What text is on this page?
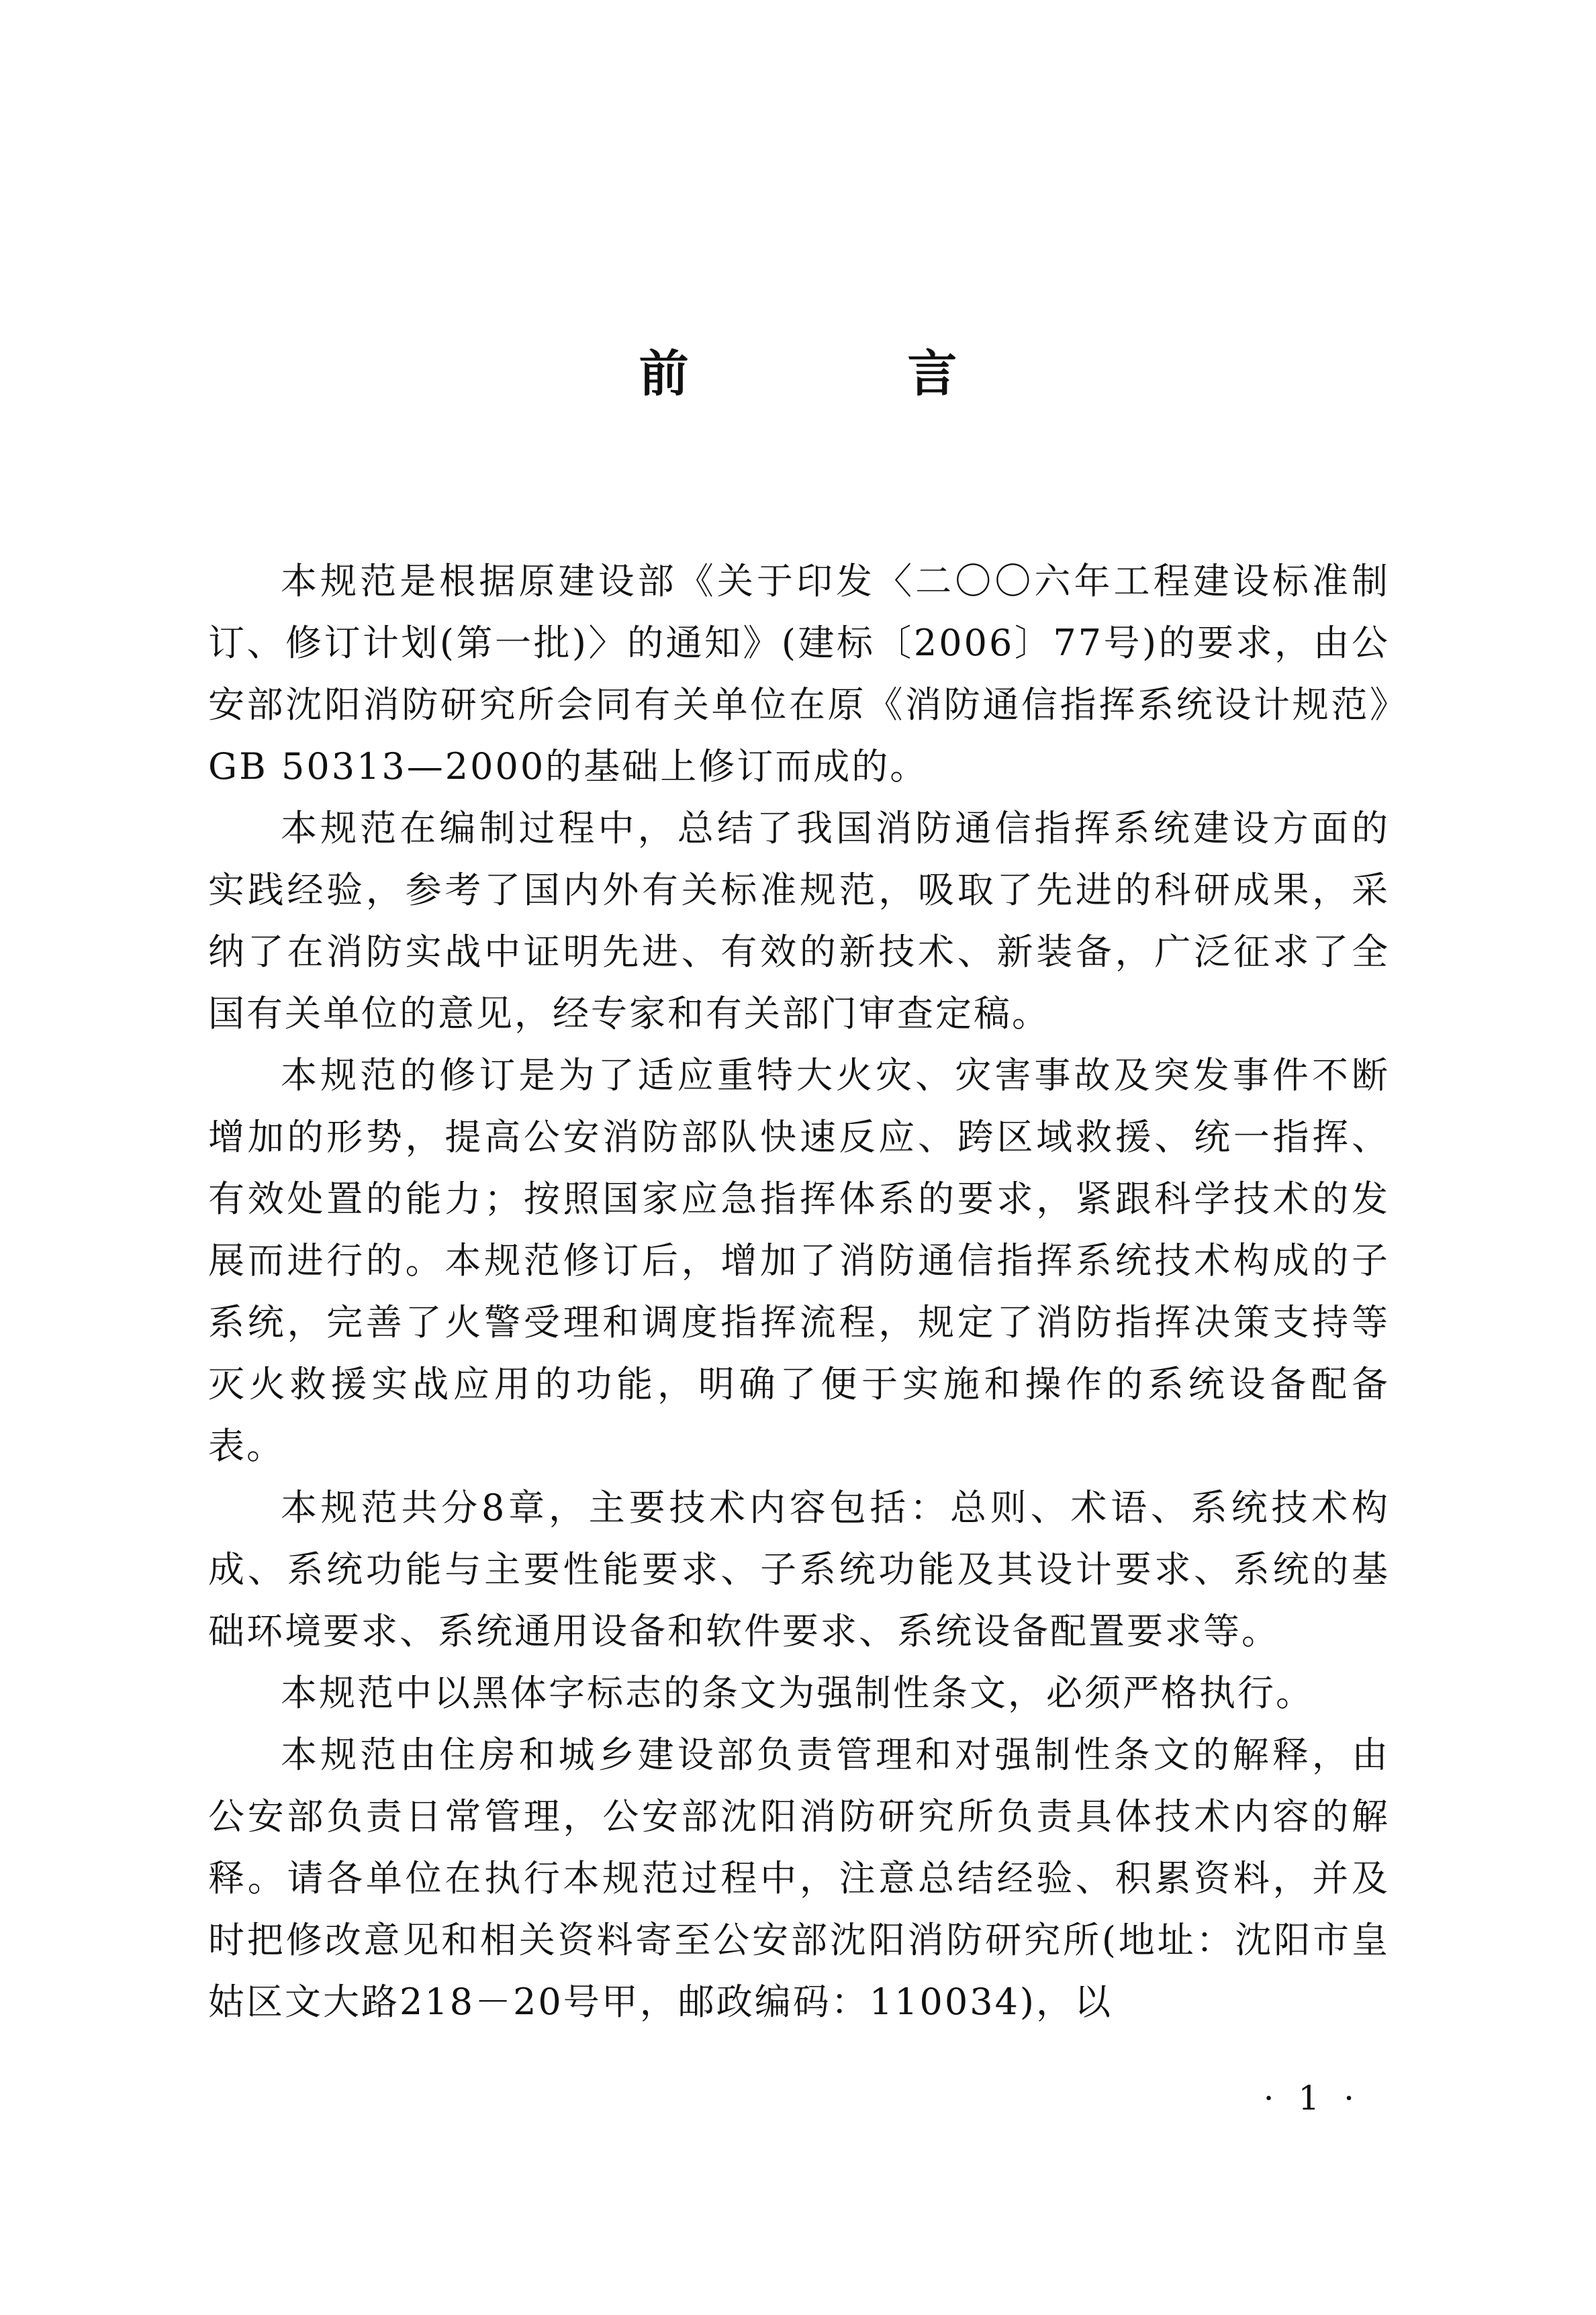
前 言

本规范是根据原建设部《关于印发〈二〇〇六年工程建设标准制订、修订计划(第一批)〉的通知》(建标〔2006〕77号)的要求，由公安部沈阳消防研究所会同有关单位在原《消防通信指挥系统设计规范》GB 50313—2000的基础上修订而成的。

本规范在编制过程中，总结了我国消防通信指挥系统建设方面的实践经验，参考了国内外有关标准规范，吸取了先进的科研成果，采纳了在消防实战中证明先进、有效的新技术、新装备，广泛征求了全国有关单位的意见，经专家和有关部门审查定稿。

本规范的修订是为了适应重特大火灾、灾害事故及突发事件不断增加的形势，提高公安消防部队快速反应、跨区域救援、统一指挥、有效处置的能力；按照国家应急指挥体系的要求，紧跟科学技术的发展而进行的。本规范修订后，增加了消防通信指挥系统技术构成的子系统，完善了火警受理和调度指挥流程，规定了消防指挥决策支持等灭火救援实战应用的功能，明确了便于实施和操作的系统设备配备表。

本规范共分8章，主要技术内容包括：总则、术语、系统技术构成、系统功能与主要性能要求、子系统功能及其设计要求、系统的基础环境要求、系统通用设备和软件要求、系统设备配置要求等。

本规范中以黑体字标志的条文为强制性条文，必须严格执行。

本规范由住房和城乡建设部负责管理和对强制性条文的解释，由公安部负责日常管理，公安部沈阳消防研究所负责具体技术内容的解释。请各单位在执行本规范过程中，注意总结经验、积累资料，并及时把修改意见和相关资料寄至公安部沈阳消防研究所(地址：沈阳市皇姑区文大路218－20号甲，邮政编码：110034)，以

· 1 ·
